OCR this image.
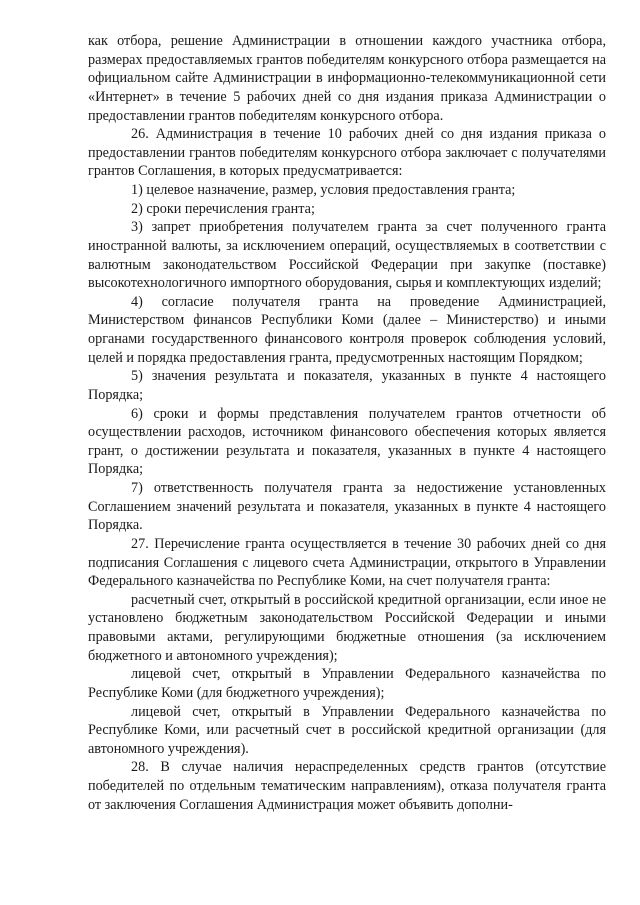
как отбора, решение Администрации в отношении каждого участника отбора, размерах предоставляемых грантов победителям конкурсного отбора размещается на официальном сайте Администрации в информационно-телекоммуникационной сети «Интернет» в течение 5 рабочих дней со дня издания приказа Администрации о предоставлении грантов победителям конкурсного отбора.

26. Администрация в течение 10 рабочих дней со дня издания приказа о предоставлении грантов победителям конкурсного отбора заключает с получателями грантов Соглашения, в которых предусматривается:

1) целевое назначение, размер, условия предоставления гранта;

2) сроки перечисления гранта;

3) запрет приобретения получателем гранта за счет полученного гранта иностранной валюты, за исключением операций, осуществляемых в соответствии с валютным законодательством Российской Федерации при закупке (поставке) высокотехнологичного импортного оборудования, сырья и комплектующих изделий;

4) согласие получателя гранта на проведение Администрацией, Министерством финансов Республики Коми (далее – Министерство) и иными органами государственного финансового контроля проверок соблюдения условий, целей и порядка предоставления гранта, предусмотренных настоящим Порядком;

5) значения результата и показателя, указанных в пункте 4 настоящего Порядка;

6) сроки и формы представления получателем грантов отчетности об осуществлении расходов, источником финансового обеспечения которых является грант, о достижении результата и показателя, указанных в пункте 4 настоящего Порядка;

7) ответственность получателя гранта за недостижение установленных Соглашением значений результата и показателя, указанных в пункте 4 настоящего Порядка.

27. Перечисление гранта осуществляется в течение 30 рабочих дней со дня подписания Соглашения с лицевого счета Администрации, открытого в Управлении Федерального казначейства по Республике Коми, на счет получателя гранта:

расчетный счет, открытый в российской кредитной организации, если иное не установлено бюджетным законодательством Российской Федерации и иными правовыми актами, регулирующими бюджетные отношения (за исключением бюджетного и автономного учреждения);

лицевой счет, открытый в Управлении Федерального казначейства по Республике Коми (для бюджетного учреждения);

лицевой счет, открытый в Управлении Федерального казначейства по Республике Коми, или расчетный счет в российской кредитной организации (для автономного учреждения).

28. В случае наличия нераспределенных средств грантов (отсутствие победителей по отдельным тематическим направлениям), отказа получателя гранта от заключения Соглашения Администрация может объявить дополни-
